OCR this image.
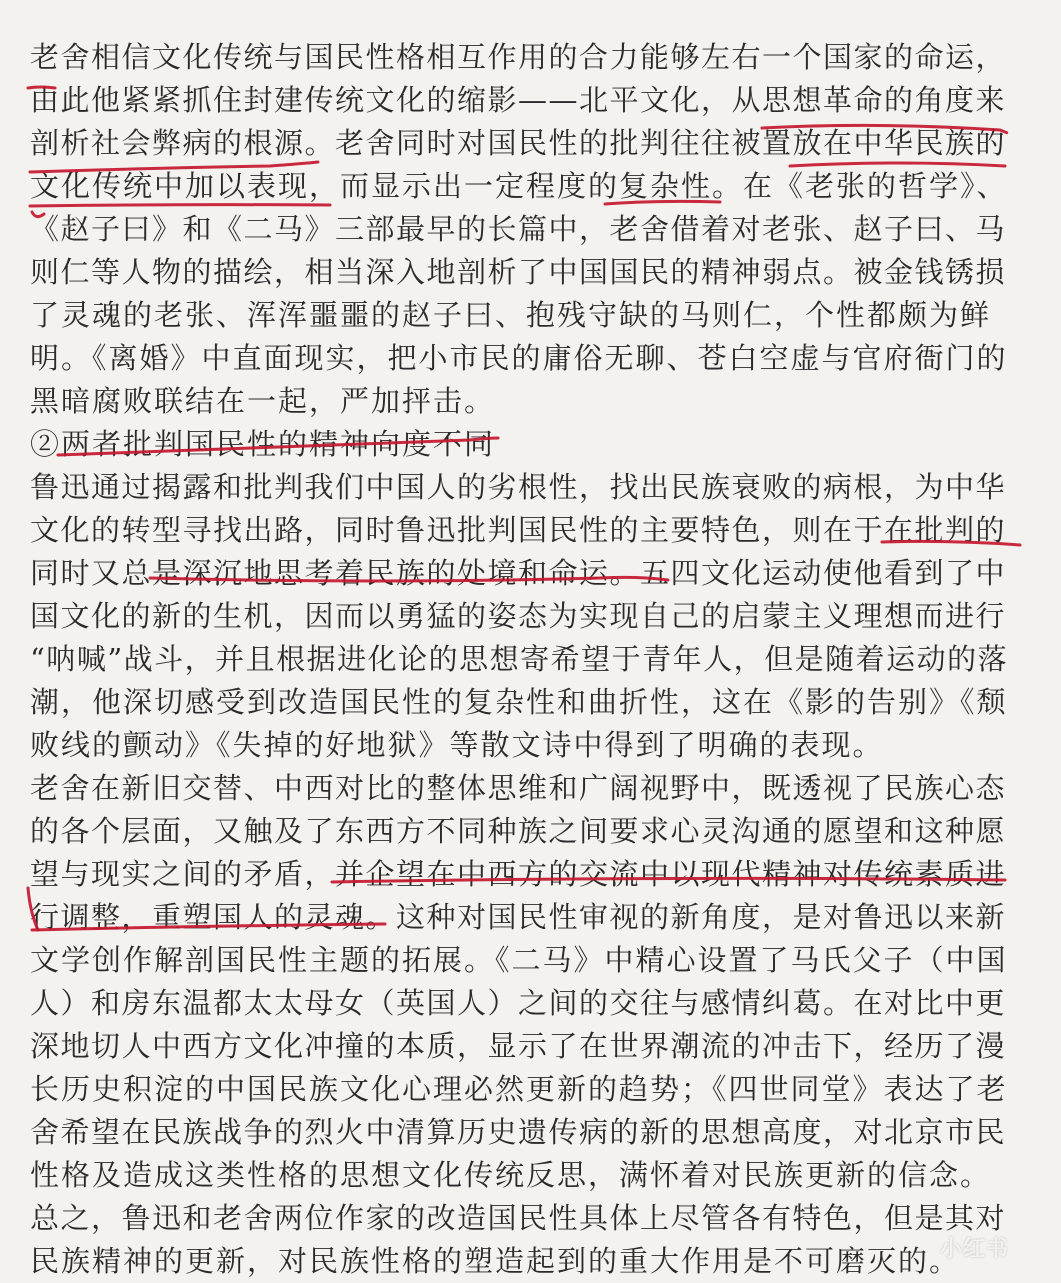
老舍相信文化传统与国民性格相互作用的合力能够左右一个国家的命运，
由此他紧紧抓住封建传统文化的缩影——北平文化，从思想革命的角度来
剖析社会弊病的根源。老舍同时对国民性的批判往往被置放在中华民族的
文化传统中加以表现，而显示出一定程度的复杂性。在《老张的哲学》、
《赵子曰》和《二马》三部最早的长篇中，老舍借着对老张、赵子曰、马
则仁等人物的描绘，相当深入地剖析了中国国民的精神弱点。被金钱锈损
了灵魂的老张、浑浑噩噩的赵子曰、抱残守缺的马则仁，个性都颇为鲜
明。《离婚》中直面现实，把小市民的庸俗无聊、苍白空虚与官府衙门的
黑暗腐败联结在一起，严加抨击。
②两者批判国民性的精神向度不同
鲁迅通过揭露和批判我们中国人的劣根性，找出民族衰败的病根，为中华
文化的转型寻找出路，同时鲁迅批判国民性的主要特色，则在于在批判的
同时又总是深沉地思考着民族的处境和命运。五四文化运动使他看到了中
国文化的新的生机，因而以勇猛的姿态为实现自己的启蒙主义理想而进行
“呐喊”战斗，并且根据进化论的思想寄希望于青年人，但是随着运动的落
潮，他深切感受到改造国民性的复杂性和曲折性，这在《影的告别》《颓
败线的颤动》《失掉的好地狱》等散文诗中得到了明确的表现。
老舍在新旧交替、中西对比的整体思维和广阔视野中，既透视了民族心态
的各个层面，又触及了东西方不同种族之间要求心灵沟通的愿望和这种愿
望与现实之间的矛盾，并企望在中西方的交流中以现代精神对传统素质进
行调整，重塑国人的灵魂。这种对国民性审视的新角度，是对鲁迅以来新
文学创作解剖国民性主题的拓展。《二马》中精心设置了马氏父子（中国
人）和房东温都太太母女（英国人）之间的交往与感情纠葛。在对比中更
深地切人中西方文化冲撞的本质，显示了在世界潮流的冲击下，经历了漫
长历史积淀的中国民族文化心理必然更新的趋势；《四世同堂》表达了老
舍希望在民族战争的烈火中清算历史遗传病的新的思想高度，对北京市民
性格及造成这类性格的思想文化传统反思，满怀着对民族更新的信念。
总之，鲁迅和老舍两位作家的改造国民性具体上尽管各有特色，但是其对
民族精神的更新，对民族性格的塑造起到的重大作用是不可磨灭的。
小红书
